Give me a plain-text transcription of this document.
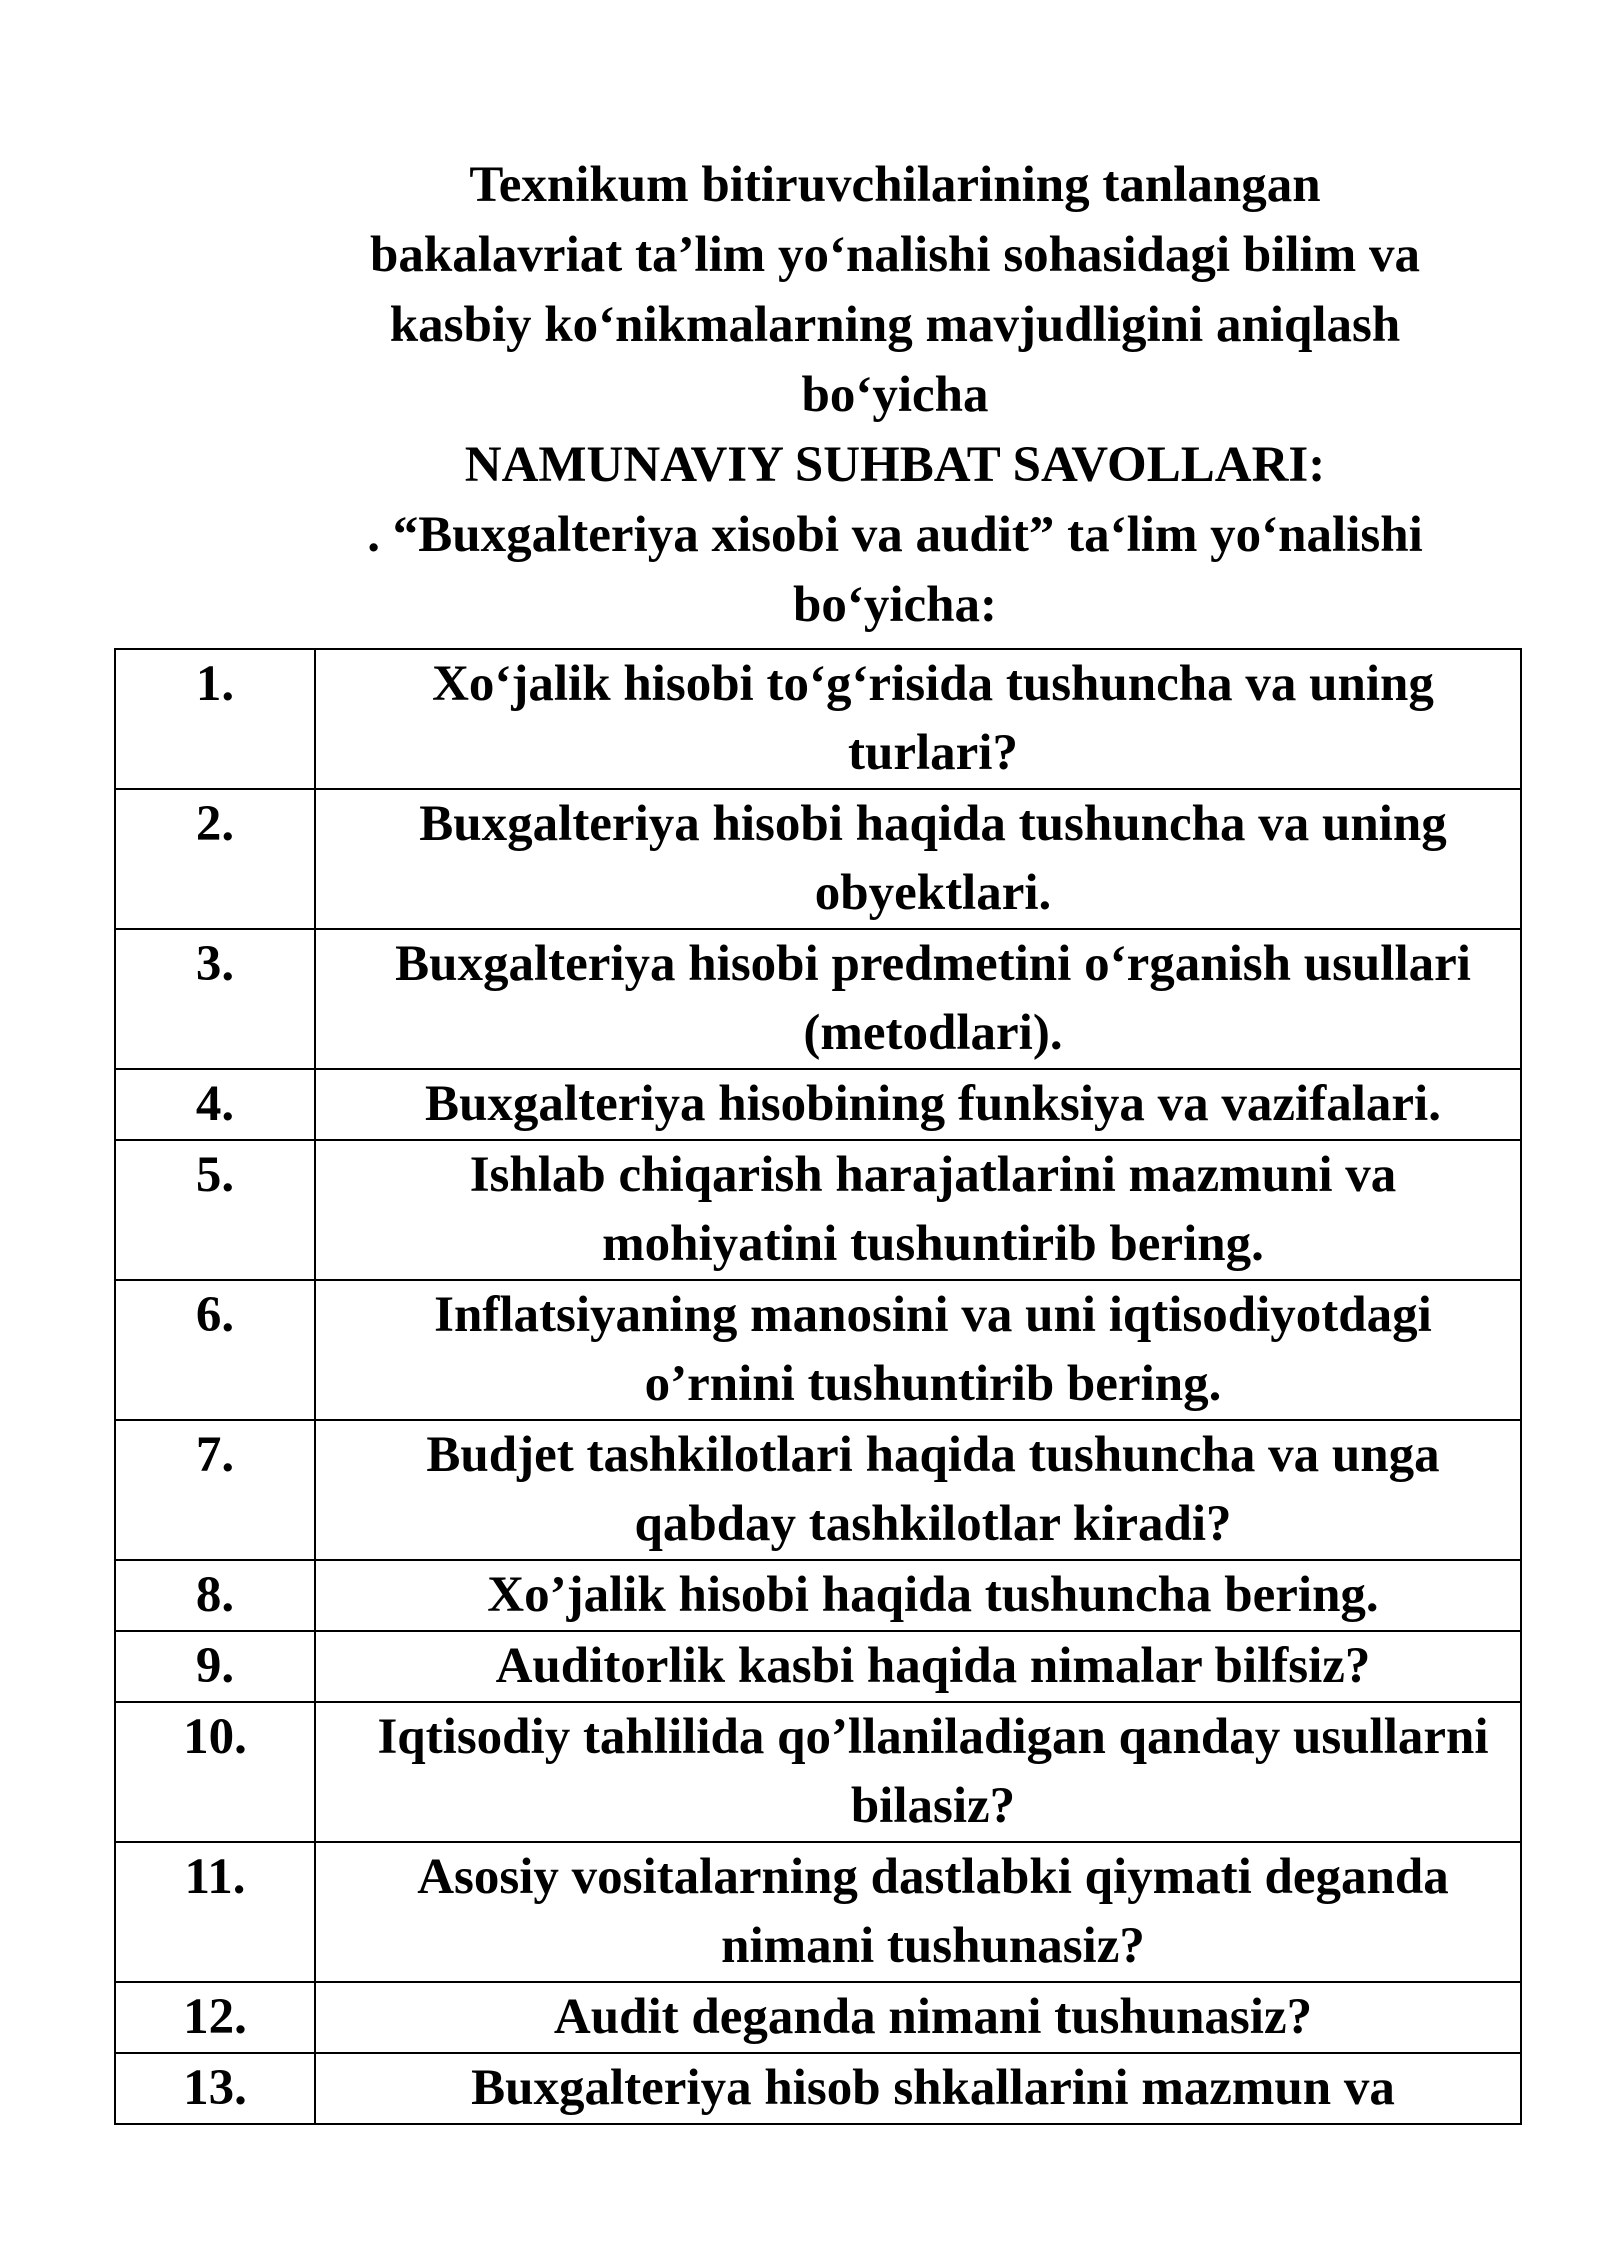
Texnikum bitiruvchilarining tanlangan
bakalavriat ta’lim yo‘nalishi sohasidagi bilim va
kasbiy ko‘nikmalarning mavjudligini aniqlash
bo‘yicha
NAMUNAVIY SUHBAT SAVOLLARI:
. “Buxgalteriya xisobi va audit” ta‘lim yo‘nalishi
bo‘yicha:
1.	Xo‘jalik hisobi to‘g‘risida tushuncha va uning turlari?
2.	Buxgalteriya hisobi haqida tushuncha va uning obyektlari.
3.	Buxgalteriya hisobi predmetini o‘rganish usullari (metodlari).
4.	Buxgalteriya hisobining funksiya va vazifalari.
5.	Ishlab chiqarish harajatlarini mazmuni va mohiyatini tushuntirib bering.
6.	Inflatsiyaning manosini va uni iqtisodiyotdagi o’rnini tushuntirib bering.
7.	Budjet tashkilotlari haqida tushuncha va unga qabday tashkilotlar kiradi?
8.	Xo’jalik hisobi haqida tushuncha bering.
9.	Auditorlik kasbi haqida nimalar bilfsiz?
10.	Iqtisodiy tahlilida qo’llaniladigan qanday usullarni bilasiz?
11.	Asosiy vositalarning dastlabki qiymati deganda nimani tushunasiz?
12.	Audit deganda nimani tushunasiz?
13.	Buxgalteriya hisob shkallarini mazmun va
